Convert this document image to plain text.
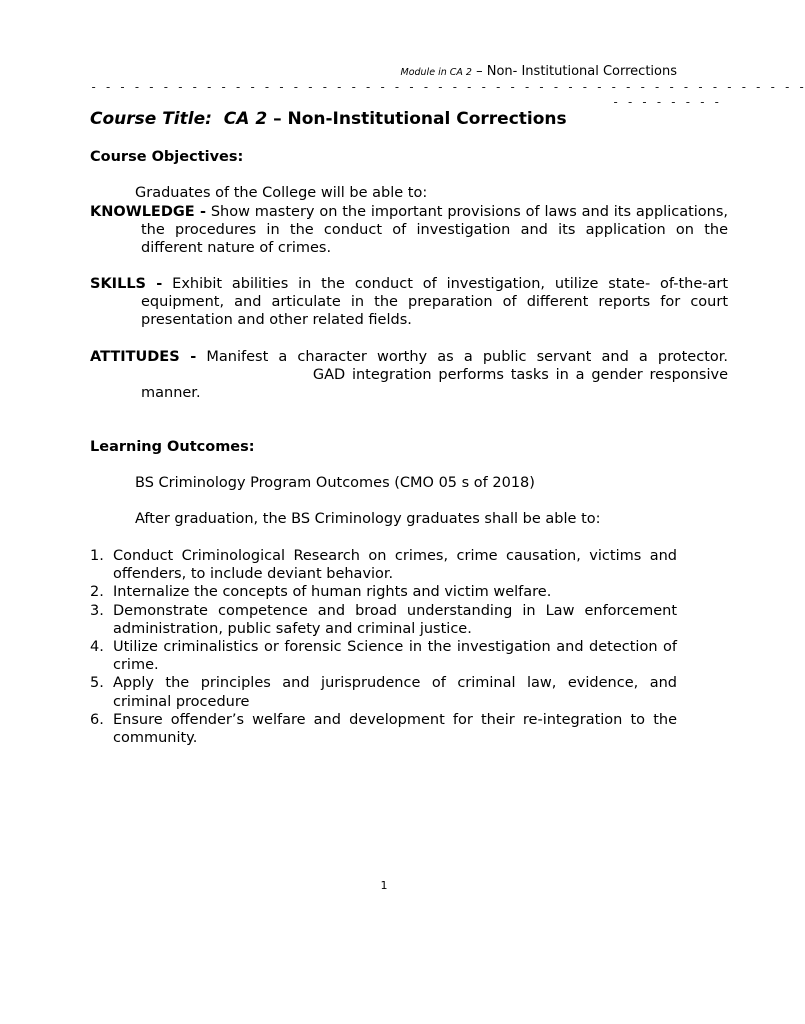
Module in CA 2 – Non- Institutional Corrections
- - - - - - - - - - - - - - - - - - - - - - - - - - - - - - - - - - - - - - - - - - - - - - - - - -
- - - - - - - -
Course Title: CA 2 – Non-Institutional Corrections
Course Objectives:
Graduates of the College will be able to:
KNOWLEDGE - Show mastery on the important provisions of laws and its applications, the procedures in the conduct of investigation and its application on the different nature of crimes.
SKILLS - Exhibit abilities in the conduct of investigation, utilize state- of-the-art equipment, and articulate in the preparation of different reports for court presentation and other related fields.
ATTITUDES - Manifest a character worthy as a public servant and a protector.  GAD integration performs tasks in a gender responsive manner.
Learning Outcomes:
BS Criminology Program Outcomes (CMO 05 s of 2018)
After graduation, the BS Criminology graduates shall be able to:
1. Conduct Criminological Research on crimes, crime causation, victims and offenders, to include deviant behavior.
2. Internalize the concepts of human rights and victim welfare.
3. Demonstrate competence and broad understanding in Law enforcement administration, public safety and criminal justice.
4. Utilize criminalistics or forensic Science in the investigation and detection of crime.
5. Apply the principles and jurisprudence of criminal law, evidence, and criminal procedure
6. Ensure offender’s welfare and development for their re-integration to the community.
1
